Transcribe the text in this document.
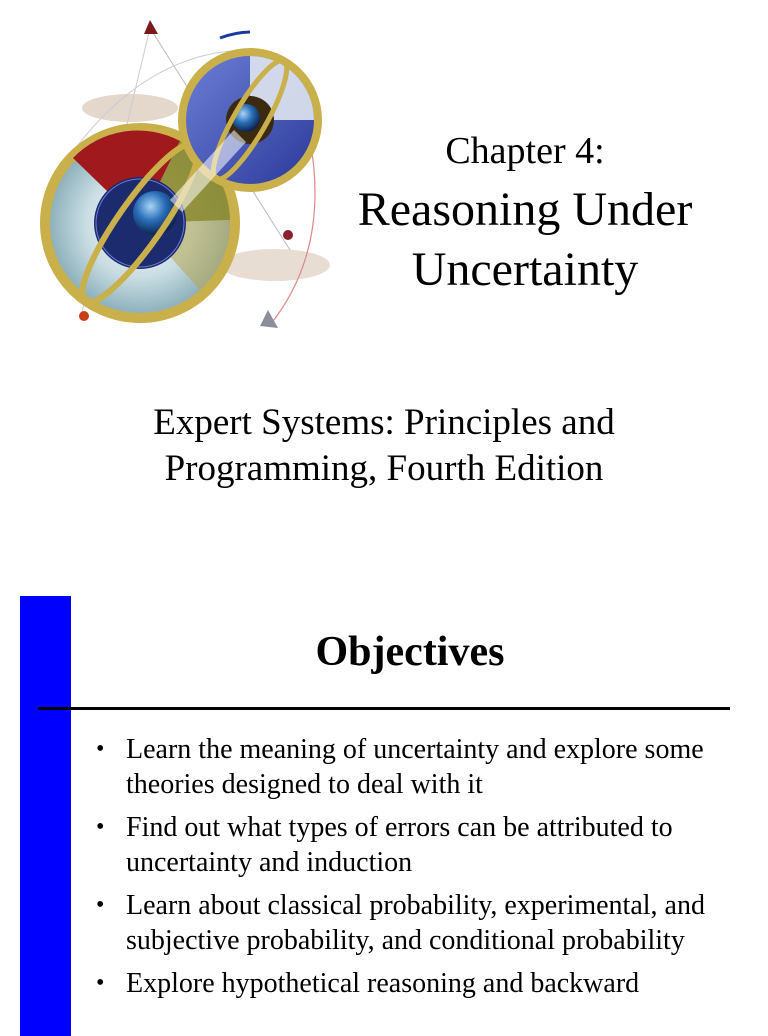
Chapter 4:
Reasoning Under Uncertainty
Expert Systems: Principles and Programming, Fourth Edition
Objectives
• Learn the meaning of uncertainty and explore some theories designed to deal with it
• Find out what types of errors can be attributed to uncertainty and induction
• Learn about classical probability, experimental, and subjective probability, and conditional probability
• Explore hypothetical reasoning and backward
